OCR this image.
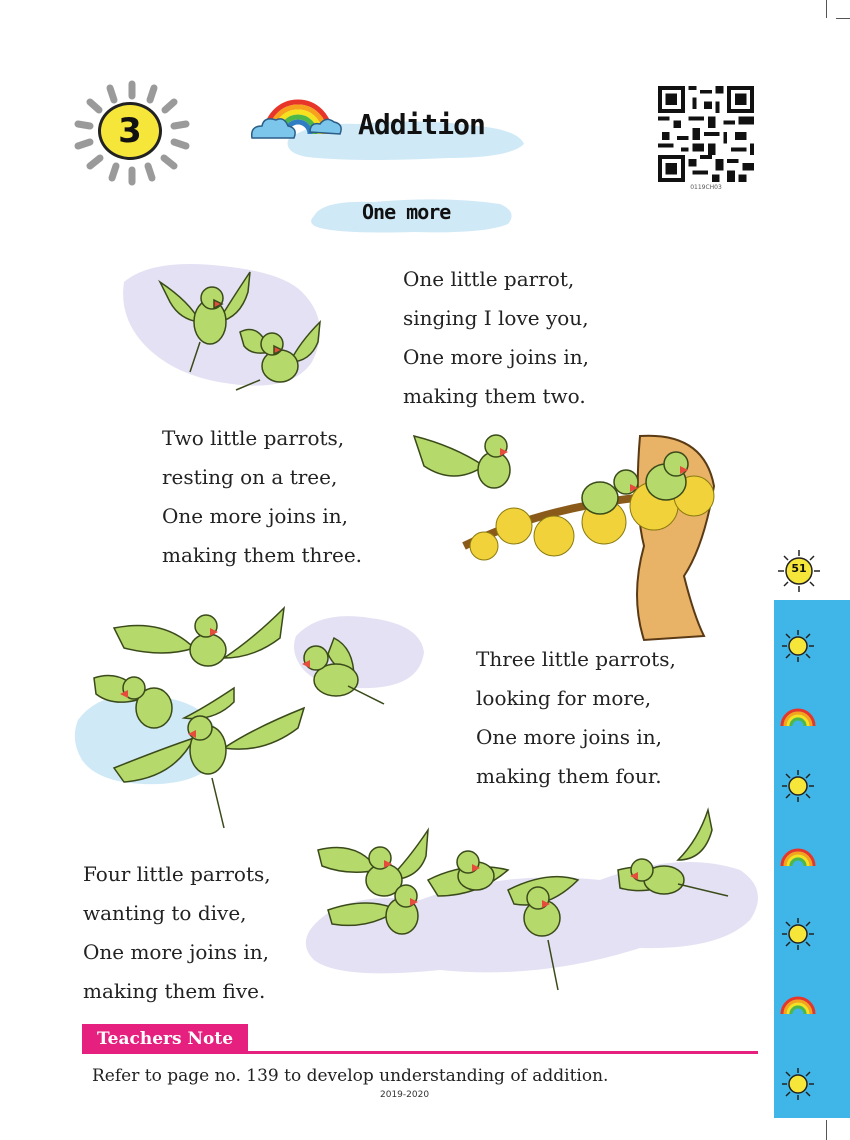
3	Addition
0119CH03
One more
One little parrot,
singing I love you,
One more joins in,
making them two.
Two little parrots,
resting on a tree,
One more joins in,
making them three.
Three little parrots,
looking for more,
One more joins in,
making them four.
Four little parrots,
wanting to dive,
One more joins in,
making them five.
51
Teachers Note
Refer to page no. 139 to develop understanding of addition.
2019-2020
